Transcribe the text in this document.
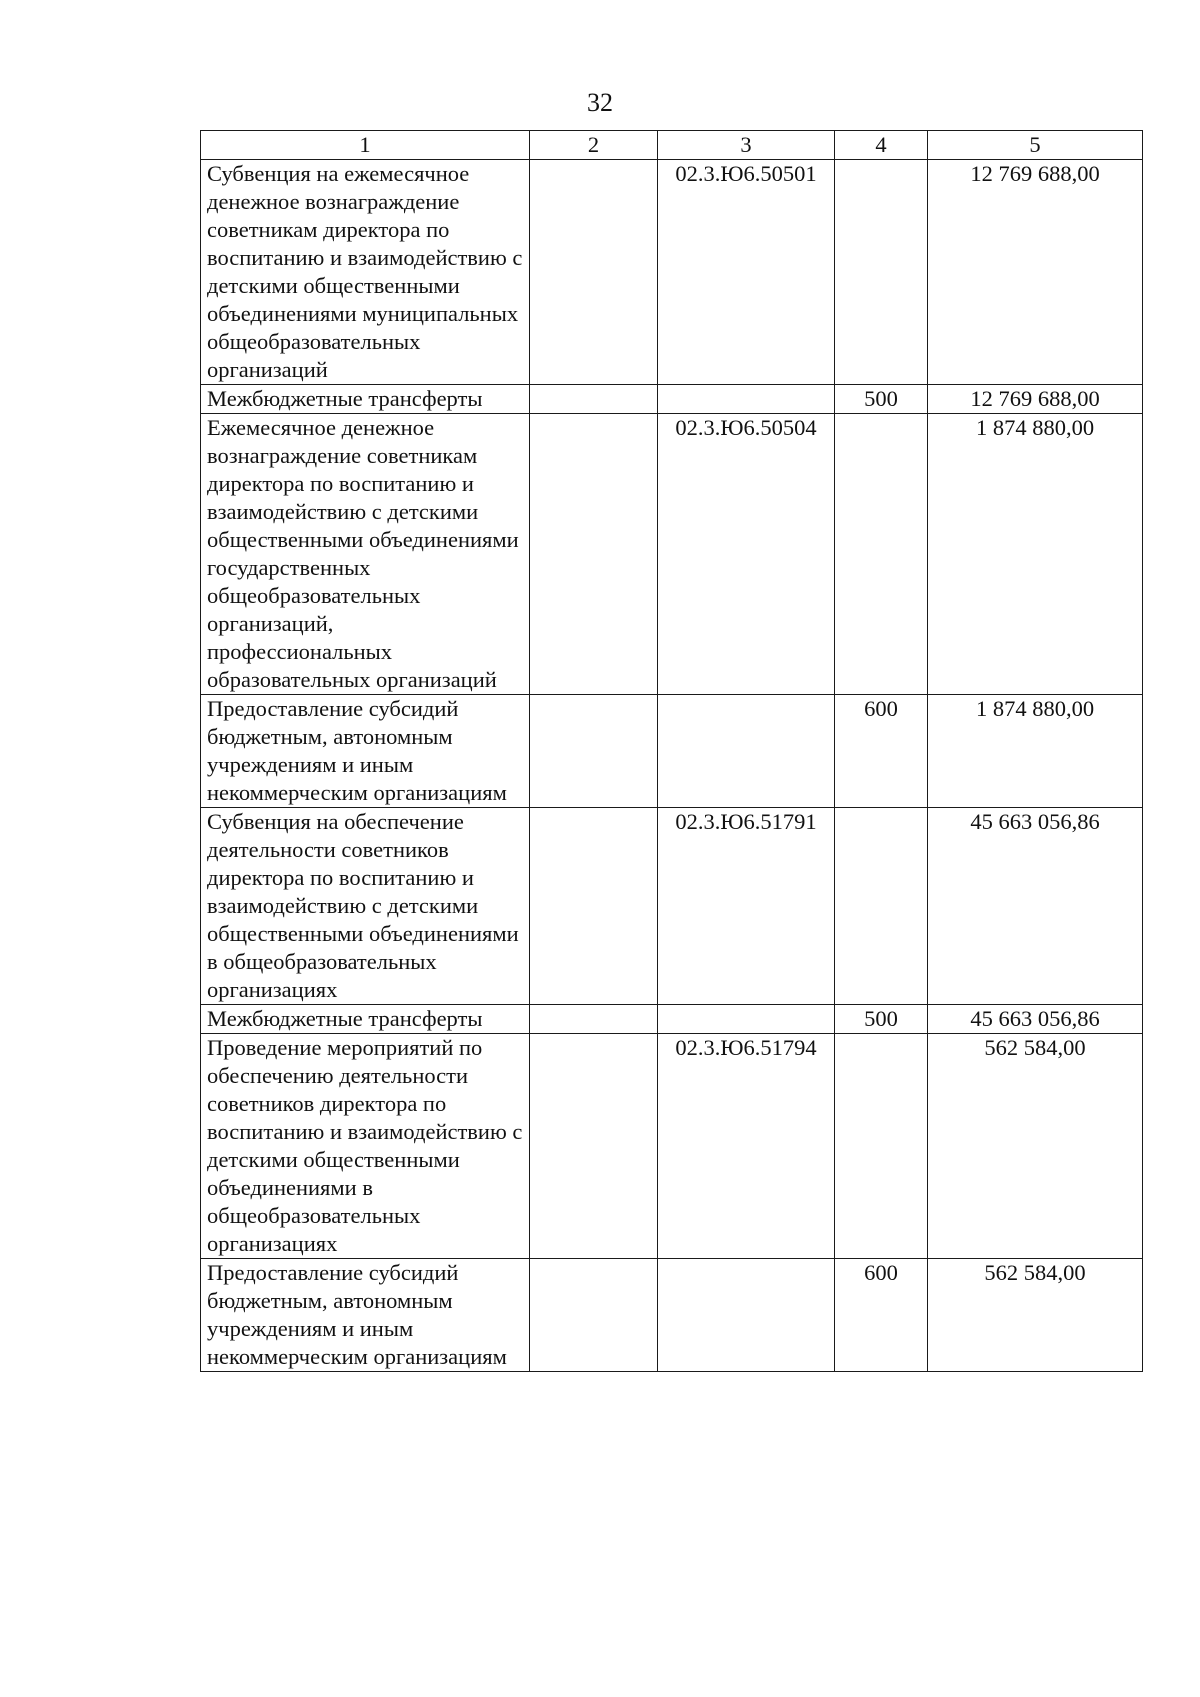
32
1	2	3	4	5
Субвенция на ежемесячное денежное вознаграждение советникам директора по воспитанию и взаимодействию с детскими общественными объединениями муниципальных общеобразовательных организаций		02.3.Ю6.50501		12 769 688,00
Межбюджетные трансферты			500	12 769 688,00
Ежемесячное денежное вознаграждение советникам директора по воспитанию и взаимодействию с детскими общественными объединениями государственных общеобразовательных организаций, профессиональных образовательных организаций		02.3.Ю6.50504		1 874 880,00
Предоставление субсидий бюджетным, автономным учреждениям и иным некоммерческим организациям			600	1 874 880,00
Субвенция на обеспечение деятельности советников директора по воспитанию и взаимодействию с детскими общественными объединениями в общеобразовательных организациях		02.3.Ю6.51791		45 663 056,86
Межбюджетные трансферты			500	45 663 056,86
Проведение мероприятий по обеспечению деятельности советников директора по воспитанию и взаимодействию с детскими общественными объединениями в общеобразовательных организациях		02.3.Ю6.51794		562 584,00
Предоставление субсидий бюджетным, автономным учреждениям и иным некоммерческим организациям			600	562 584,00
